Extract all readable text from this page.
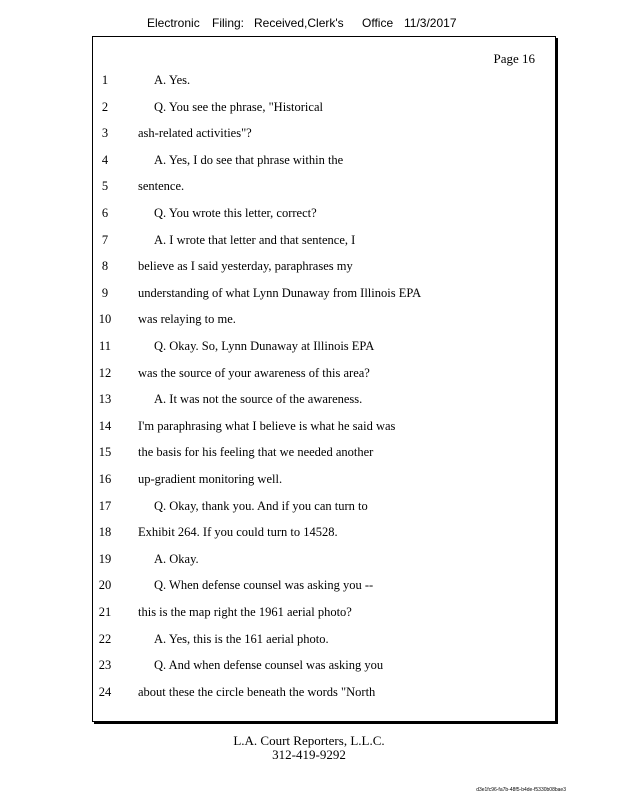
Electronic Filing: Received,Clerk's Office 11/3/2017
Page 16
1	A. Yes.
2	Q. You see the phrase, "Historical
3	ash-related activities"?
4	A. Yes, I do see that phrase within the
5	sentence.
6	Q. You wrote this letter, correct?
7	A. I wrote that letter and that sentence, I
8	believe as I said yesterday, paraphrases my
9	understanding of what Lynn Dunaway from Illinois EPA
10	was relaying to me.
11	Q. Okay. So, Lynn Dunaway at Illinois EPA
12	was the source of your awareness of this area?
13	A. It was not the source of the awareness.
14	I'm paraphrasing what I believe is what he said was
15	the basis for his feeling that we needed another
16	up-gradient monitoring well.
17	Q. Okay, thank you. And if you can turn to
18	Exhibit 264. If you could turn to 14528.
19	A. Okay.
20	Q. When defense counsel was asking you --
21	this is the map right the 1961 aerial photo?
22	A. Yes, this is the 161 aerial photo.
23	Q. And when defense counsel was asking you
24	about these the circle beneath the words "North
L.A. Court Reporters, L.L.C.
312-419-9292
d3e1fc96-fa7b-48f5-b4de-f5330b08bae3
